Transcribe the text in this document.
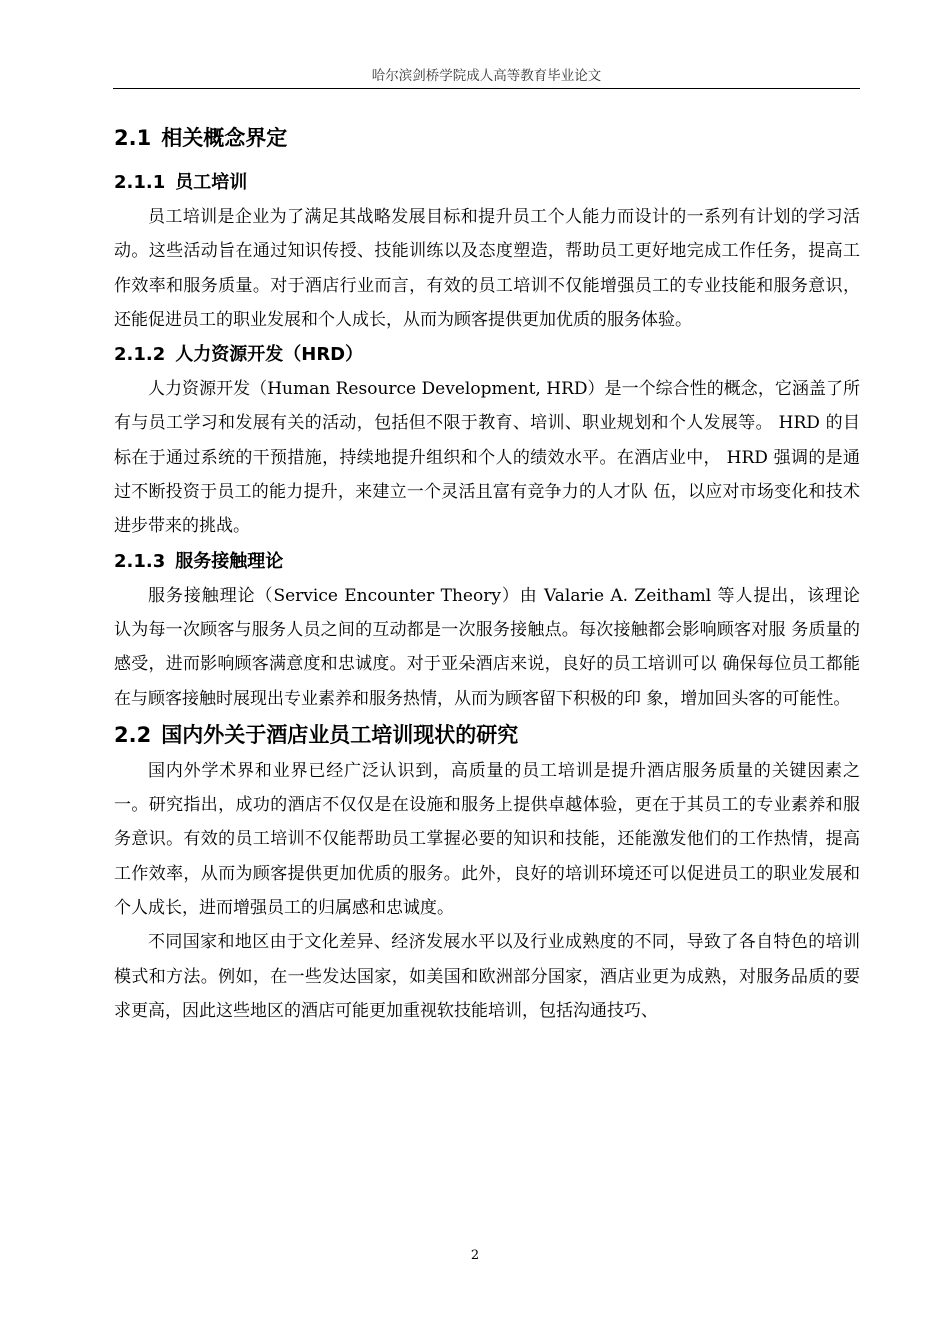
哈尔滨剑桥学院成人高等教育毕业论文
2.1 相关概念界定
2.1.1 员工培训

员工培训是企业为了满足其战略发展目标和提升员工个人能力而设计的一系列有计划的学习活动。这些活动旨在通过知识传授、技能训练以及态度塑造，帮助员工更好地完成工作任务，提高工作效率和服务质量。对于酒店行业而言，有效的员工培训不仅能增强员工的专业技能和服务意识，还能促进员工的职业发展和个人成长，从而为顾客提供更加优质的服务体验。

2.1.2 人力资源开发（HRD）

人力资源开发（Human Resource Development, HRD）是一个综合性的概念，它涵盖了所有与员工学习和发展有关的活动，包括但不限于教育、培训、职业规划和个人发展等。 HRD 的目标在于通过系统的干预措施，持续地提升组织和个人的绩效水平。在酒店业中， HRD 强调的是通过不断投资于员工的能力提升，来建立一个灵活且富有竞争力的人才队 伍，以应对市场变化和技术进步带来的挑战。

2.1.3 服务接触理论

服务接触理论（Service Encounter Theory）由 Valarie A. Zeithaml 等人提出，该理论 认为每一次顾客与服务人员之间的互动都是一次服务接触点。每次接触都会影响顾客对服 务质量的感受，进而影响顾客满意度和忠诚度。对于亚朵酒店来说，良好的员工培训可以 确保每位员工都能在与顾客接触时展现出专业素养和服务热情，从而为顾客留下积极的印 象，增加回头客的可能性。

2.2 国内外关于酒店业员工培训现状的研究

国内外学术界和业界已经广泛认识到，高质量的员工培训是提升酒店服务质量的关键因素之一。研究指出，成功的酒店不仅仅是在设施和服务上提供卓越体验，更在于其员工的专业素养和服务意识。有效的员工培训不仅能帮助员工掌握必要的知识和技能，还能激发他们的工作热情，提高工作效率，从而为顾客提供更加优质的服务。此外，良好的培训环境还可以促进员工的职业发展和个人成长，进而增强员工的归属感和忠诚度。

不同国家和地区由于文化差异、经济发展水平以及行业成熟度的不同，导致了各自特色的培训模式和方法。例如，在一些发达国家，如美国和欧洲部分国家，酒店业更为成熟，对服务品质的要求更高，因此这些地区的酒店可能更加重视软技能培训，包括沟通技巧、

2
